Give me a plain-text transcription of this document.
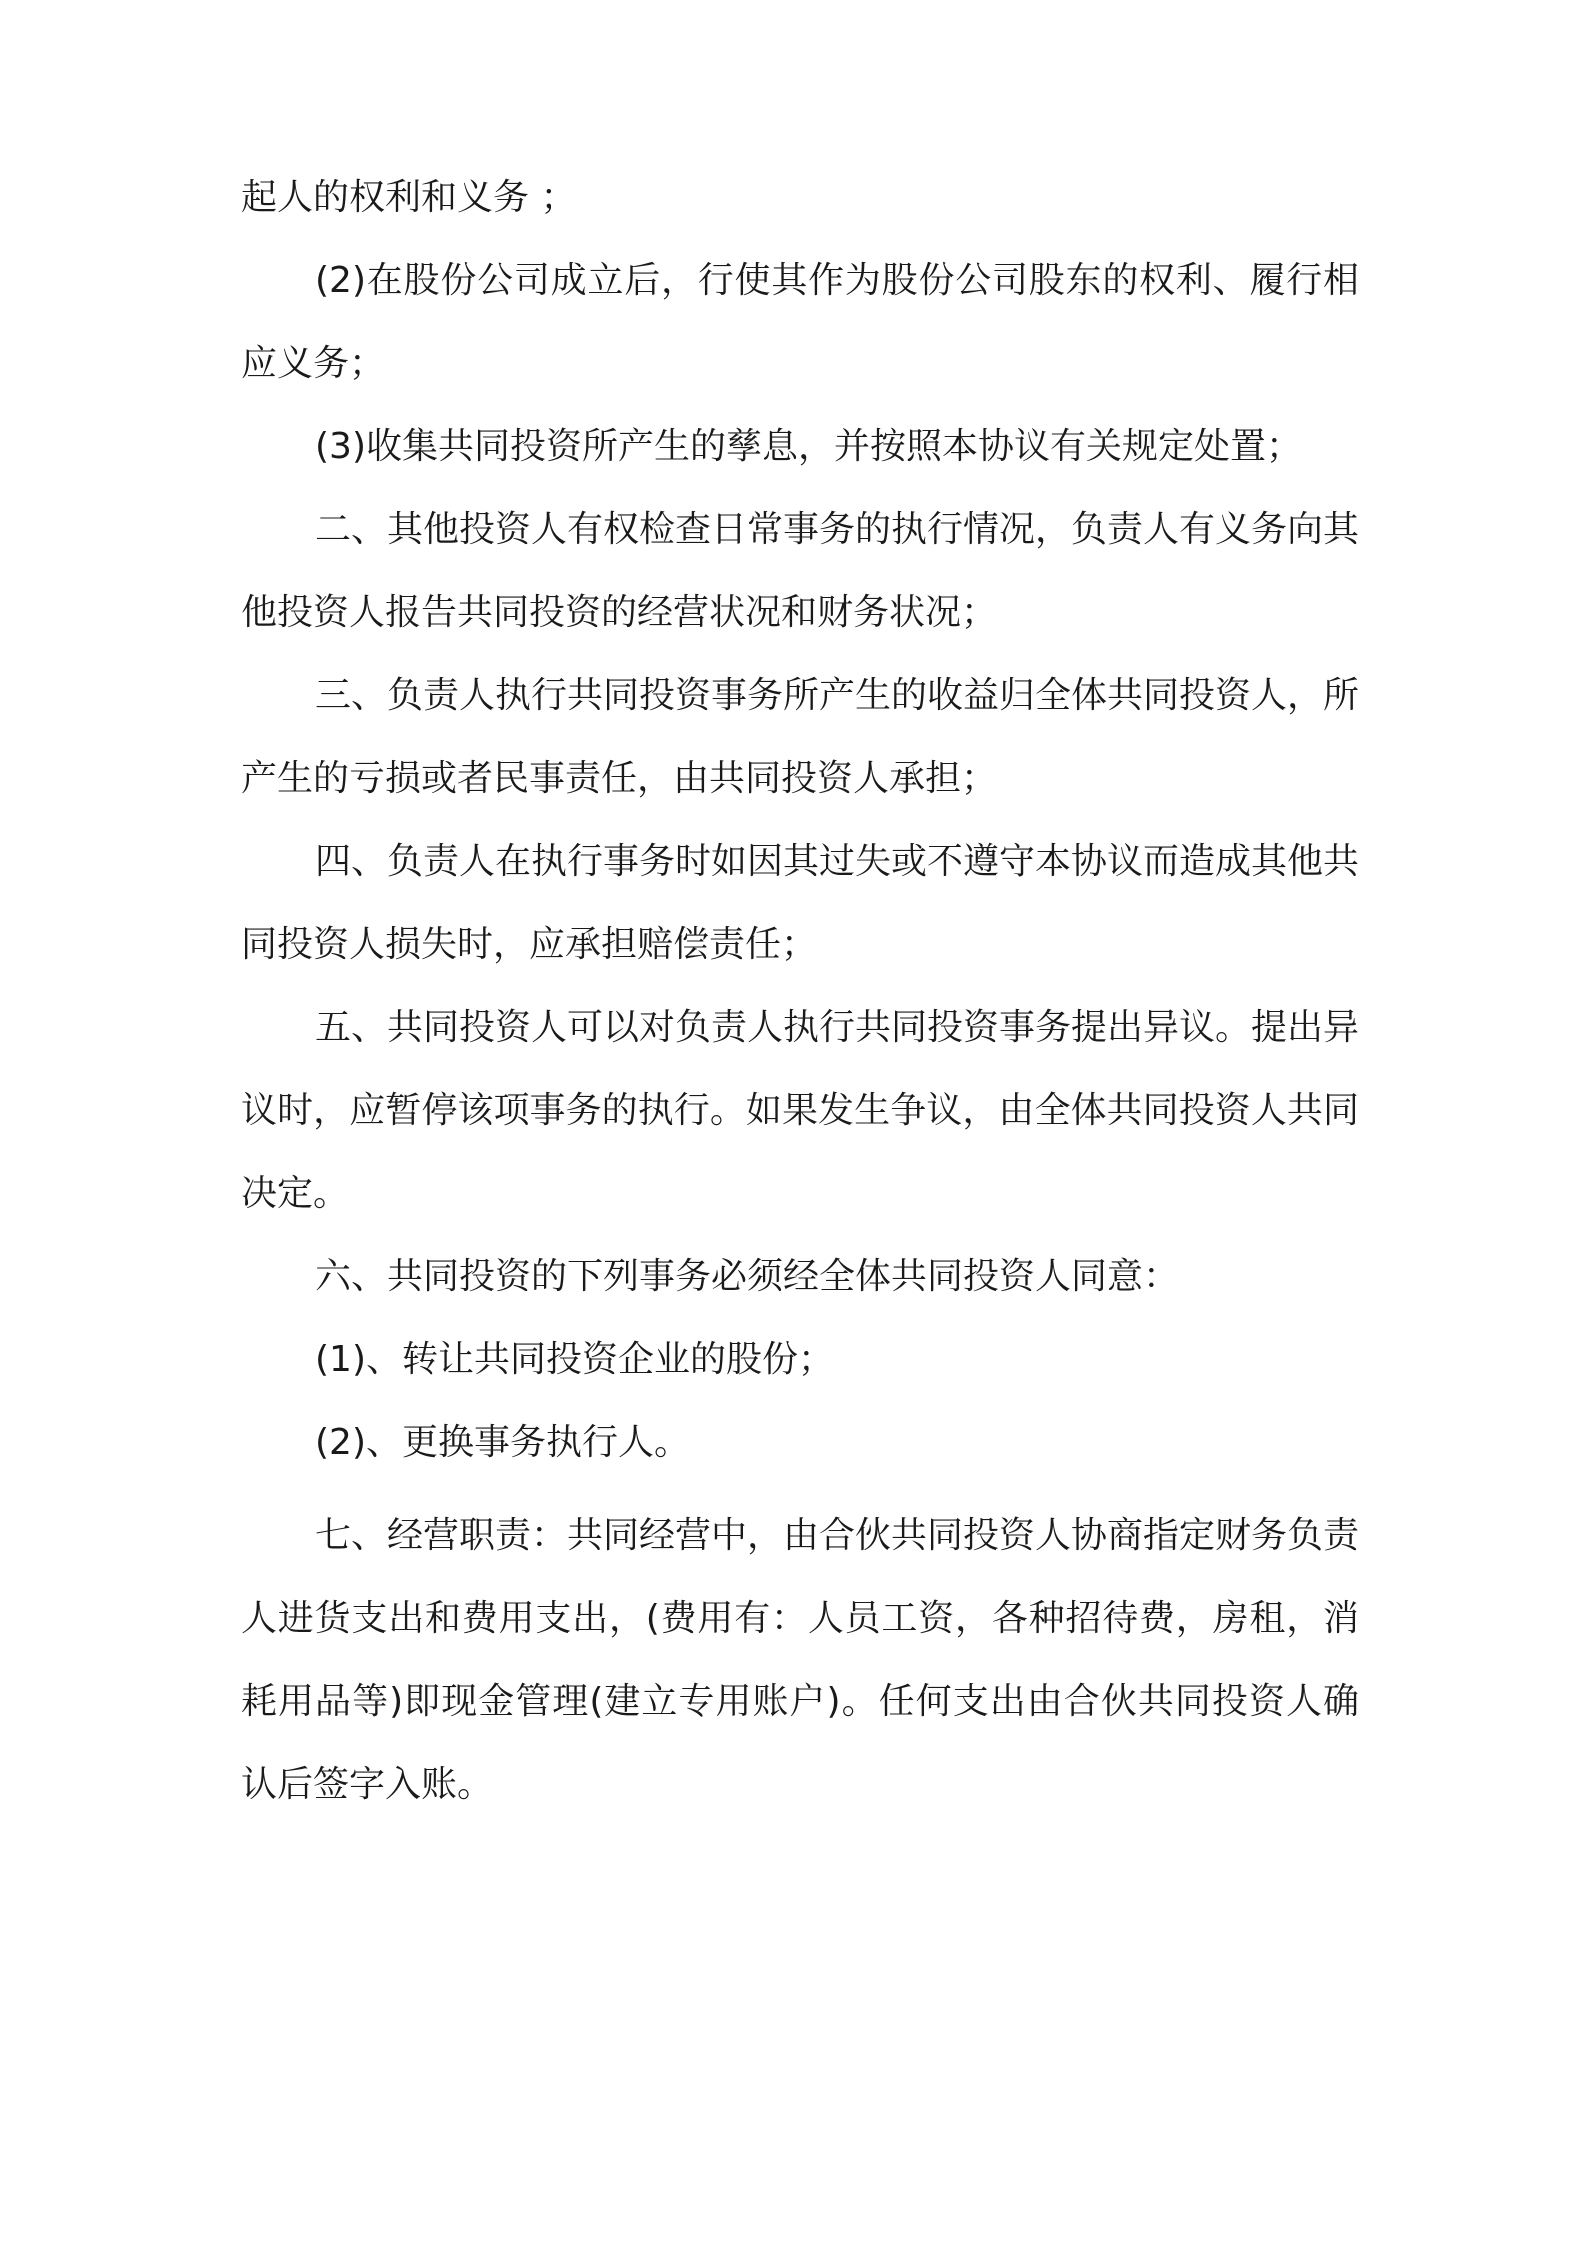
起人的权利和义务 ；

(2)在股份公司成立后，行使其作为股份公司股东的权利、履行相应义务；

(3)收集共同投资所产生的孳息，并按照本协议有关规定处置；

二、其他投资人有权检查日常事务的执行情况，负责人有义务向其他投资人报告共同投资的经营状况和财务状况；

三、负责人执行共同投资事务所产生的收益归全体共同投资人，所产生的亏损或者民事责任，由共同投资人承担；

四、负责人在执行事务时如因其过失或不遵守本协议而造成其他共同投资人损失时，应承担赔偿责任；

五、共同投资人可以对负责人执行共同投资事务提出异议。提出异议时，应暂停该项事务的执行。如果发生争议，由全体共同投资人共同决定。

六、共同投资的下列事务必须经全体共同投资人同意：

(1)、转让共同投资企业的股份；

(2)、更换事务执行人。

七、经营职责：共同经营中，由合伙共同投资人协商指定财务负责人进货支出和费用支出，(费用有：人员工资，各种招待费，房租，消耗用品等)即现金管理(建立专用账户)。任何支出由合伙共同投资人确认后签字入账。
